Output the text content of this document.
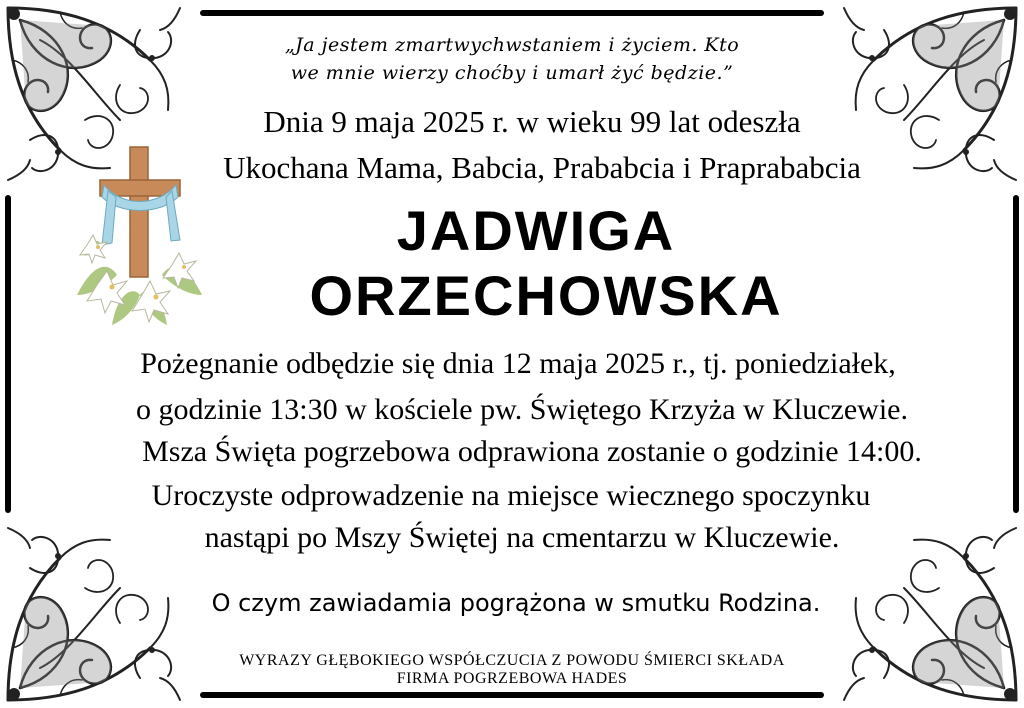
„Ja jestem zmartwychwstaniem i życiem. Kto
we mnie wierzy choćby i umarł żyć będzie.”
Dnia 9 maja 2025 r. w wieku 99 lat odeszła
Ukochana Mama, Babcia, Prababcia i Praprababcia
JADWIGA
ORZECHOWSKA
Pożegnanie odbędzie się dnia 12 maja 2025 r., tj. poniedziałek,
o godzinie 13:30 w kościele pw. Świętego Krzyża w Kluczewie.
Msza Święta pogrzebowa odprawiona zostanie o godzinie 14:00.
Uroczyste odprowadzenie na miejsce wiecznego spoczynku
nastąpi po Mszy Świętej na cmentarzu w Kluczewie.
O czym zawiadamia pogrążona w smutku Rodzina.
WYRAZY GŁĘBOKIEGO WSPÓŁCZUCIA Z POWODU ŚMIERCI SKŁADA
FIRMA POGRZEBOWA HADES
